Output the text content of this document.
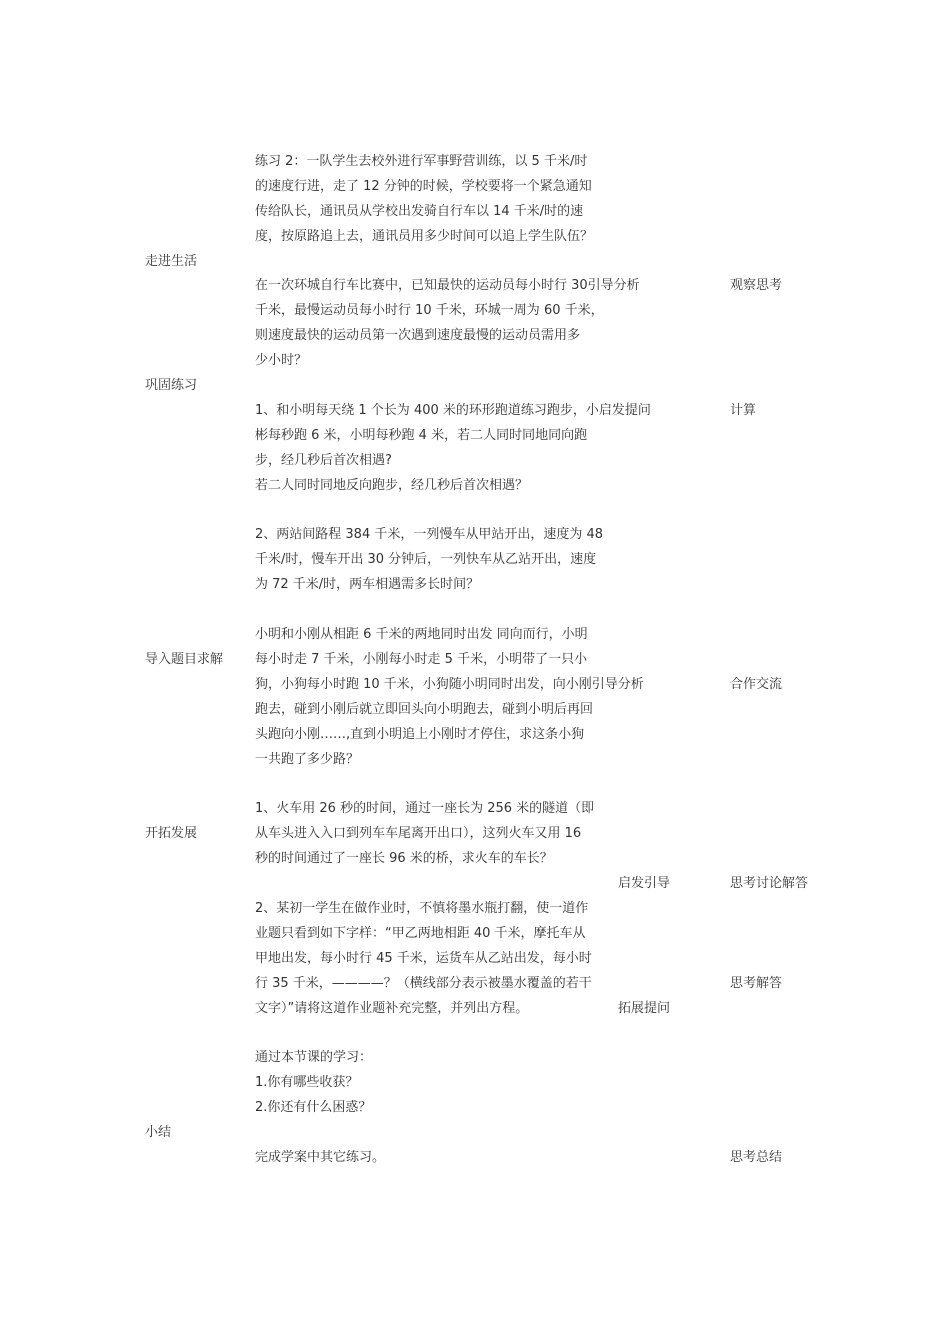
走进生活
巩固练习
导入题目求解
开拓发展
小结
练习 2：一队学生去校外进行军事野营训练，以 5 千米/时
的速度行进，走了 12 分钟的时候，学校要将一个紧急通知
传给队长，通讯员从学校出发骑自行车以 14 千米/时的速
度，按原路追上去，通讯员用多少时间可以追上学生队伍？
在一次环城自行车比赛中，已知最快的运动员每小时行 30引导分析
千米，最慢运动员每小时行 10 千米，环城一周为 60 千米，
则速度最快的运动员第一次遇到速度最慢的运动员需用多
少小时？
观察思考
1、和小明每天绕 1 个长为 400 米的环形跑道练习跑步，小启发提问
彬每秒跑 6 米，小明每秒跑 4 米，若二人同时同地同向跑
步，经几秒后首次相遇?
若二人同时同地反向跑步，经几秒后首次相遇？
计算
2、两站间路程 384 千米，一列慢车从甲站开出，速度为 48
千米/时，慢车开出 30 分钟后，一列快车从乙站开出，速度
为 72 千米/时，两车相遇需多长时间？
小明和小刚从相距 6 千米的两地同时出发 同向而行，小明
每小时走 7 千米，小刚每小时走 5 千米，小明带了一只小
狗，小狗每小时跑 10 千米，小狗随小明同时出发，向小刚引导分析
跑去，碰到小刚后就立即回头向小明跑去，碰到小明后再回
头跑向小刚……,直到小明追上小刚时才停住，求这条小狗
一共跑了多少路？
合作交流
1、火车用 26 秒的时间，通过一座长为 256 米的隧道（即
从车头进入入口到列车车尾离开出口），这列火车又用 16
秒的时间通过了一座长 96 米的桥，求火车的车长？
启发引导	思考讨论解答
2、某初一学生在做作业时，不慎将墨水瓶打翻，使一道作
业题只看到如下字样：“甲乙两地相距 40 千米，摩托车从
甲地出发，每小时行 45 千米，运货车从乙站出发，每小时
行 35 千米，————？（横线部分表示被墨水覆盖的若干
文字）”请将这道作业题补充完整，并列出方程。
思考解答
拓展提问
通过本节课的学习：
1.你有哪些收获？
2.你还有什么困惑？
完成学案中其它练习。	思考总结
